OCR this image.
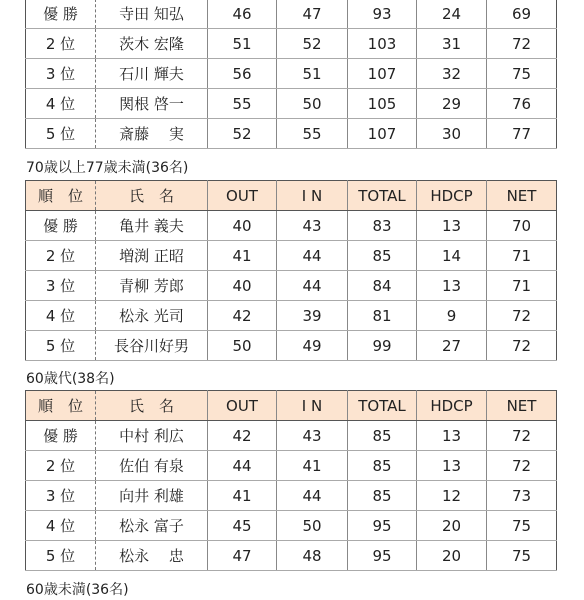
優 勝	寺田 知弘	46	47	93	24	69
2 位	茨木 宏隆	51	52	103	31	72
3 位	石川 輝夫	56	51	107	32	75
4 位	関根 啓一	55	50	105	29	76
5 位	斎藤　 実	52	55	107	30	77
70歳以上77歳未満(36名)
順　位	氏　名	OUT	I N	TOTAL	HDCP	NET
優 勝	亀井 義夫	40	43	83	13	70
2 位	増渕 正昭	41	44	85	14	71
3 位	青柳 芳郎	40	44	84	13	71
4 位	松永 光司	42	39	81	9	72
5 位	長谷川好男	50	49	99	27	72
60歳代(38名)
順　位	氏　名	OUT	I N	TOTAL	HDCP	NET
優 勝	中村 利広	42	43	85	13	72
2 位	佐伯 有泉	44	41	85	13	72
3 位	向井 利雄	41	44	85	12	73
4 位	松永 富子	45	50	95	20	75
5 位	松永　 忠	47	48	95	20	75
60歳未満(36名)
